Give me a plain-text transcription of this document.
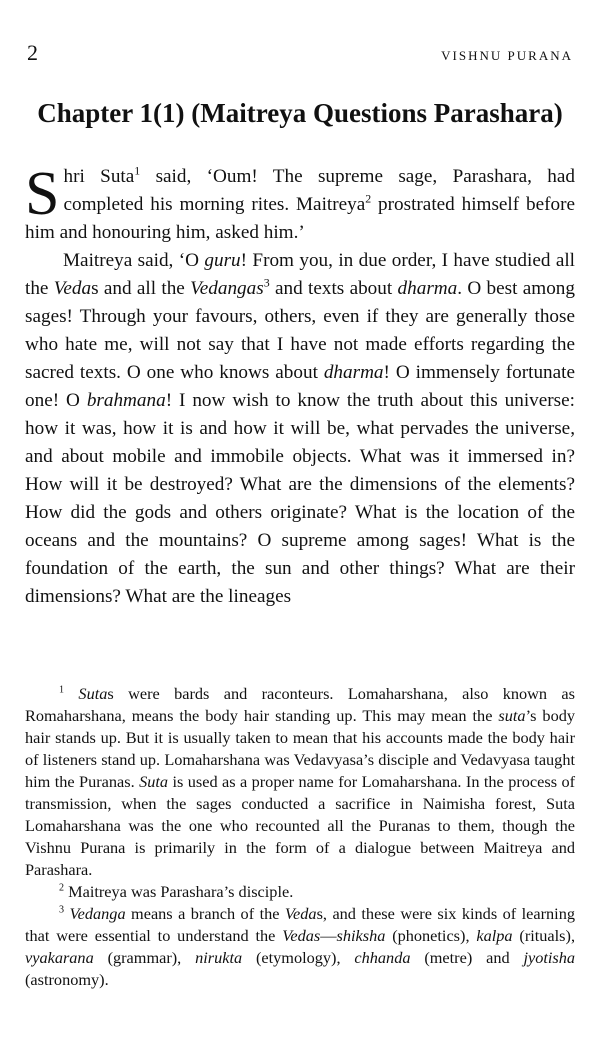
2	VISHNU PURANA
Chapter 1(1) (Maitreya Questions Parashara)

Shri Suta$^1$ said, ‘Oum! The supreme sage, Parashara, had completed his morning rites. Maitreya$^2$ prostrated himself before him and honouring him, asked him.’

Maitreya said, ‘O guru! From you, in due order, I have studied all the Vedas and all the Vedangas$^3$ and texts about dharma. O best among sages! Through your favours, others, even if they are generally those who hate me, will not say that I have not made efforts regarding the sacred texts. O one who knows about dharma! O immensely fortunate one! O brahmana! I now wish to know the truth about this universe: how it was, how it is and how it will be, what pervades the universe, and about mobile and immobile objects. What was it immersed in? How will it be destroyed? What are the dimensions of the elements? How did the gods and others originate? What is the location of the oceans and the mountains? O supreme among sages! What is the foundation of the earth, the sun and other things? What are their dimensions? What are the lineages

$^1$ Sutas were bards and raconteurs. Lomaharshana, also known as Romaharshana, means the body hair standing up. This may mean the suta’s body hair stands up. But it is usually taken to mean that his accounts made the body hair of listeners stand up. Lomaharshana was Vedavyasa’s disciple and Vedavyasa taught him the Puranas. Suta is used as a proper name for Lomaharshana. In the process of transmission, when the sages conducted a sacrifice in Naimisha forest, Suta Lomaharshana was the one who recounted all the Puranas to them, though the Vishnu Purana is primarily in the form of a dialogue between Maitreya and Parashara.

$^2$ Maitreya was Parashara’s disciple.

$^3$ Vedanga means a branch of the Vedas, and these were six kinds of learning that were essential to understand the Vedas—shiksha (phonetics), kalpa (rituals), vyakarana (grammar), nirukta (etymology), chhanda (metre) and jyotisha (astronomy).
